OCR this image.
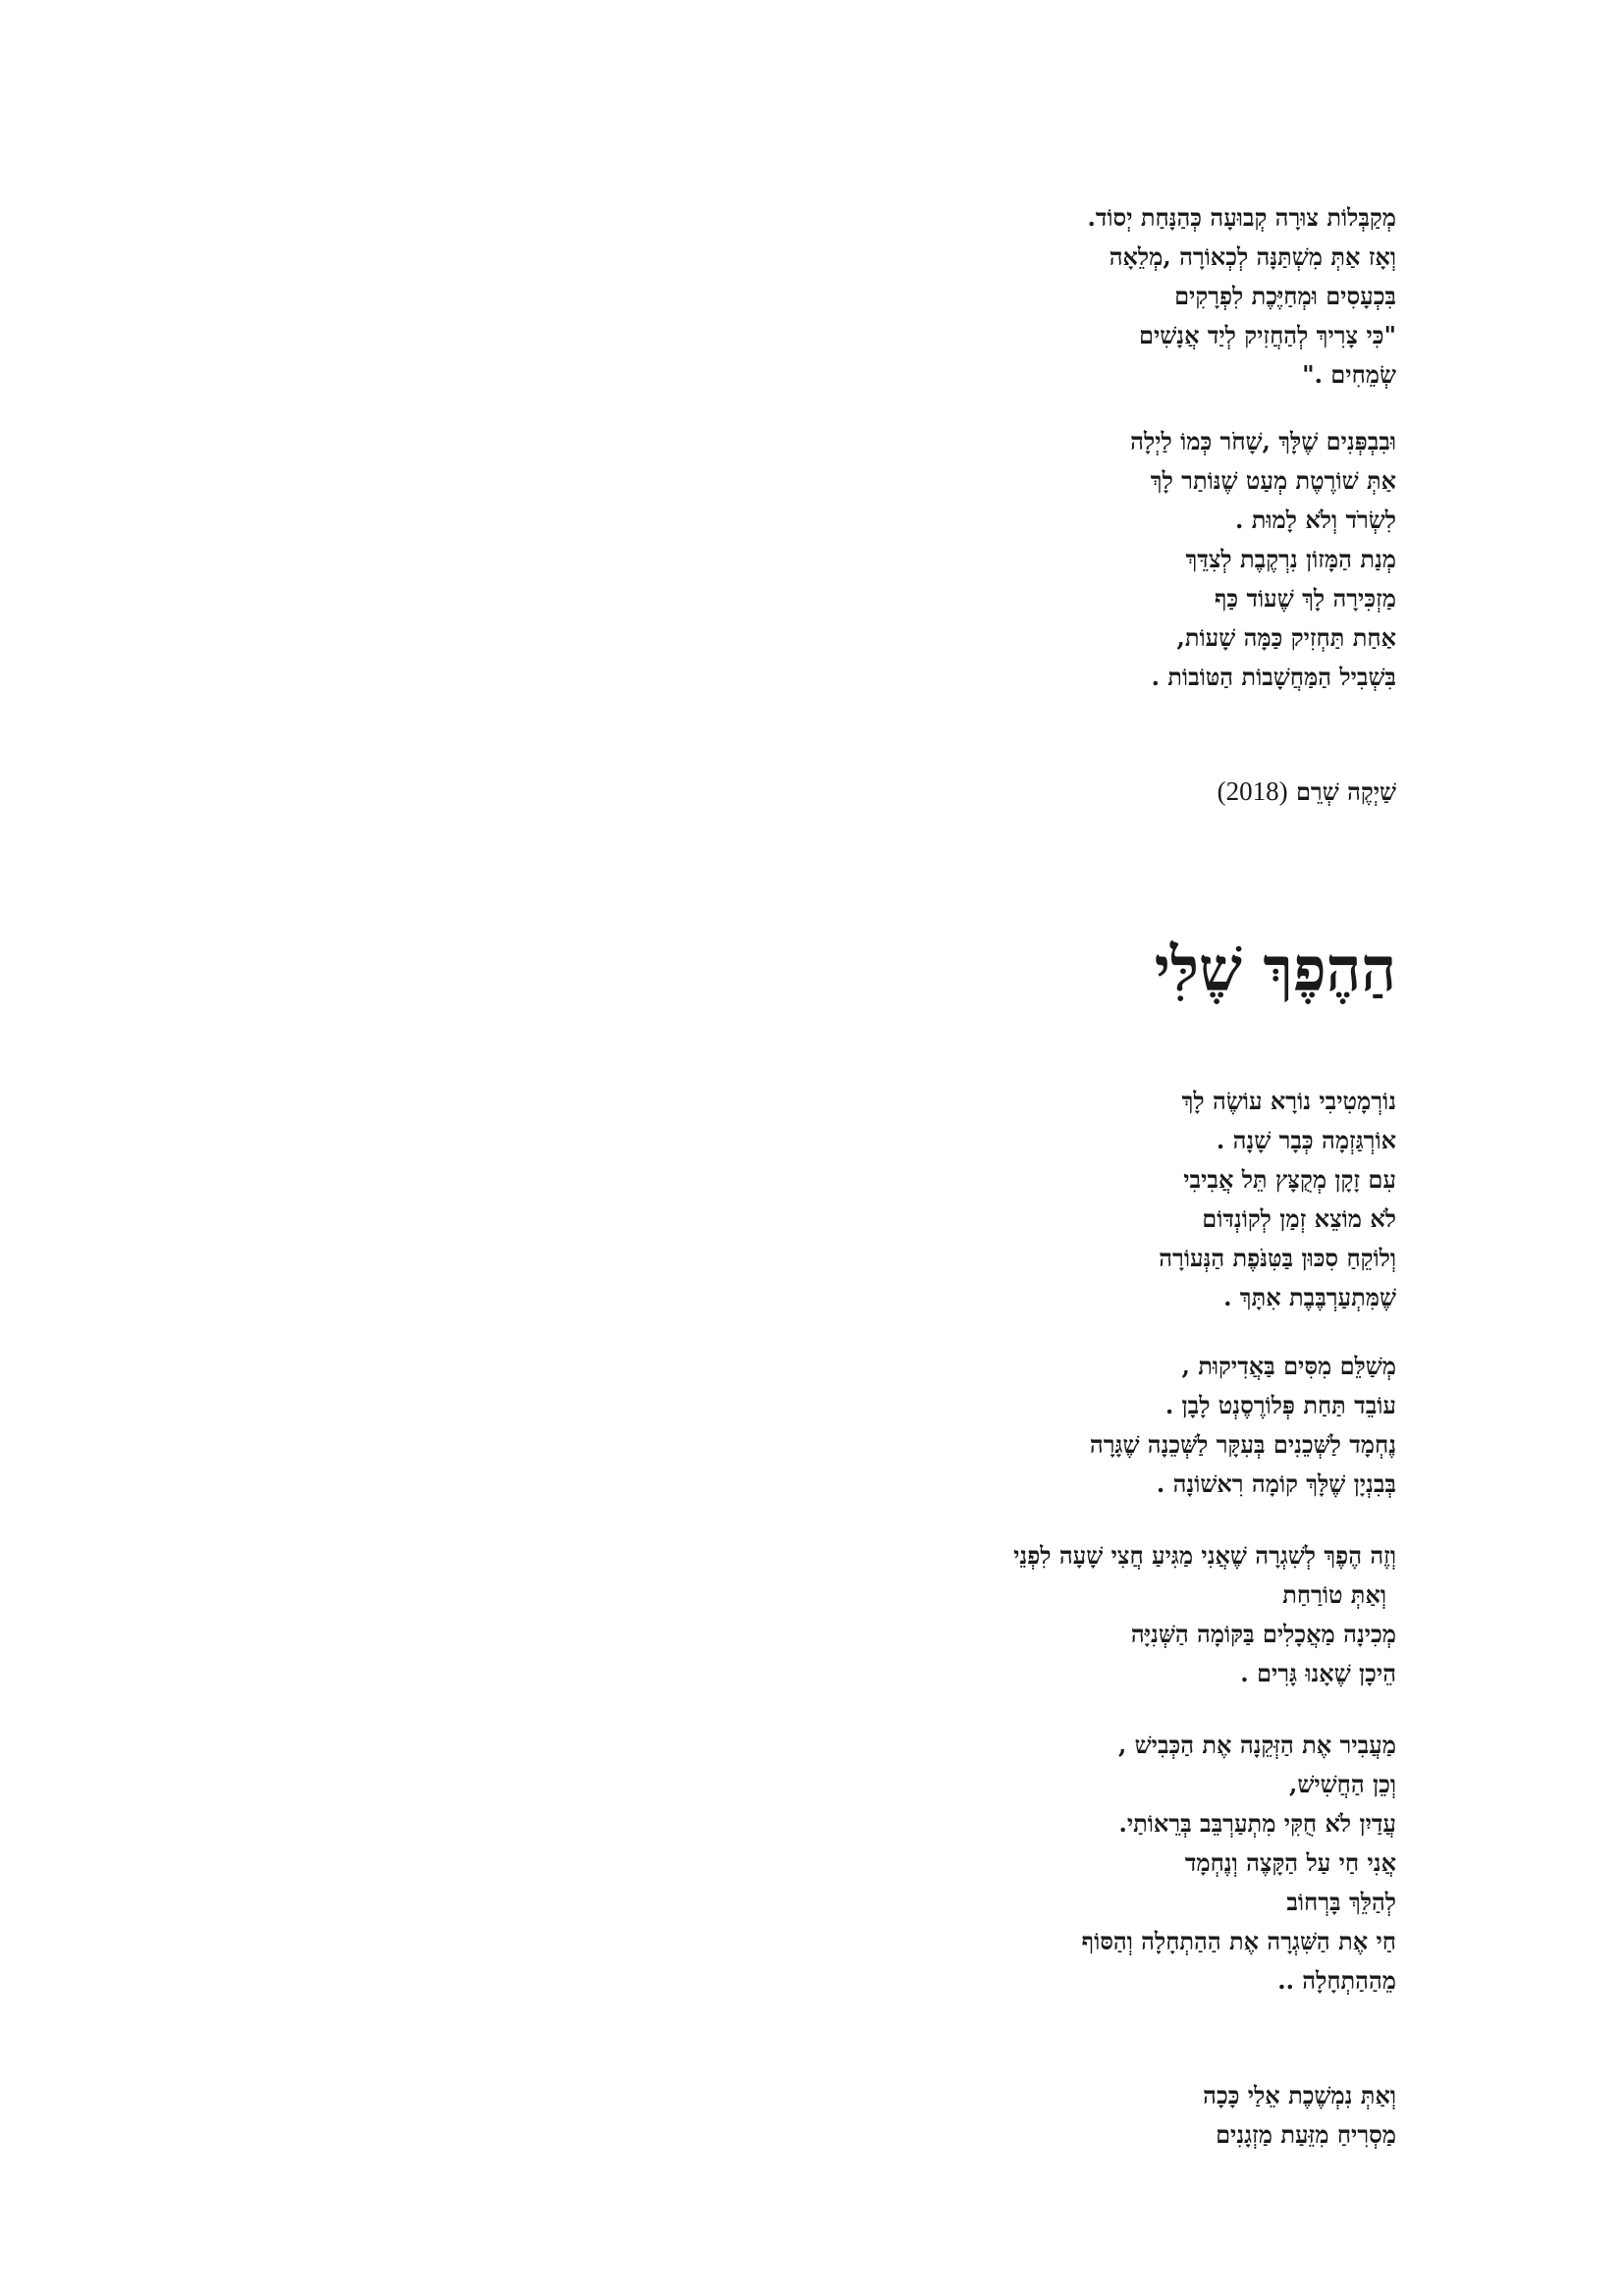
מְקַבְּלוֹת צוּרָה קְבוּעָה כְּהַנָּחַת יְסוֹד.
וְאָז אַתְּ מִשְׁתַּנָּה לְכְאוֹרָה ,מְלֵאָה
בִּכְעָסִים וּמְחַיֶּכֶת לִפְרָקִים
"כִּי צָרִיךְ לְהַחֲזִיק לְיַד אֲנָשִׁים
שְׂמֵחִים ."

וּבִבְפְּנִים שֶׁלָּךְ ,שָׁחֹר כְּמוֹ לַיְלָה
אַתְּ שׁוֹרֶטֶת מְעַט שֶׁנּוֹתַר לָךְ
לִשְׂרֹד וְלֹא לָמוּת .
מְנַת הַמָּזוֹן נִרְקֶבֶת לְצִדֵּךְ
מַזְכִּירָה לָךְ שֶׁעוֹד כַּף
אַחַת תַּחְזִיק כַּמָּה שָׁעוֹת,
בִּשְׁבִיל הַמַּחֲשָׁבוֹת הַטּוֹבוֹת .

שַׁיְקֶה שְׁרֵם (2018)
הַהֶפֶךְ שֶׁלִּי

נוֹרְמָטִיבִי נוֹרָא עוֹשֶׂה לָךְ
אוֹרְגַּזְמָה כְּבָר שָׁנָה .
עִם זָקָן מְקֻצָּץ תֵּל אֲבִיבִי
לֹא מוֹצֵא זְמַן לְקוֹנְדּוֹם
וְלוֹקֵחַ סִכּוּן בַּטִּנֹּפֶת הַנְּעוֹרָה
שֶׁמִּתְעַרְבֶּבֶת אִתָּךְ .

מְשַׁלֵּם מִסִּים בַּאֲדִיקוּת ,
עוֹבֵד תַּחַת פְּלוֹרֶסֶנְט לָבָן .
נֶחְמָד לַשְּׁכֵנִים בְּעִקָּר לַשְּׁכֵנָה שֶׁגָּרָה
בְּבִנְיָן שֶׁלָּךְ קוֹמָה רִאשׁוֹנָה .

וְזֶה הֶפֶךְ לְשִׁגְרָה שֶׁאֲנִי מַגִּיעַ חֲצִי שָׁעָה לִפְנֵי
וְאַתְּ טוֹרַחַת
מְכִינָה מַאֲכָלִים בַּקּוֹמָה הַשְּׁנִיָּה
הֵיכָן שֶׁאָנוּ גָּרִים .

מַעֲבִיר אֶת הַזְּקֵנָה אֶת הַכְּבִישׁ ,
וְכֵן הַחֲשִׁישׁ,
עֲדַיִן לֹא חֻקִּי מִתְעַרְבֵּב בְּרֵאוֹתַי.
אֲנִי חַי עַל הַקָּצֶה וְנֶחְמָד
לְהַלֵּךְ בָּרְחוֹב
חַי אֶת הַשִּׁגְרָה אֶת הַהַתְחָלָה וְהַסּוֹף
מֵהַהַתְחָלָה ..

וְאַתְּ נִמְשֶׁכֶת אֵלַי כָּכָה
מַסְרִיחַ מִזֵּעַת מַזְגָנִים
